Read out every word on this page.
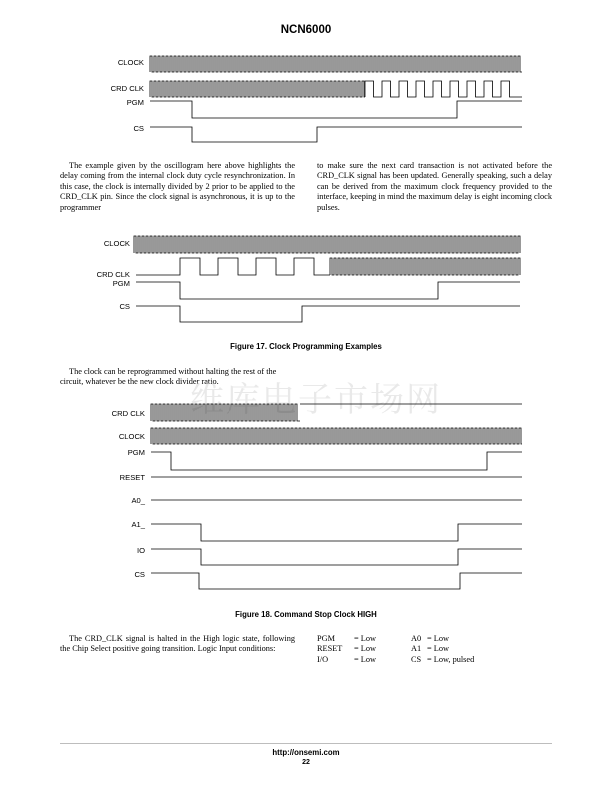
NCN6000
CLOCK
CRD CLK
PGM
CS
The example given by the oscillogram here above highlights the delay coming from the internal clock duty cycle resynchronization. In this case, the clock is internally divided by 2 prior to be applied to the CRD_CLK pin. Since the clock signal is asynchronous, it is up to the programmer
to make sure the next card transaction is not activated before the CRD_CLK signal has been updated. Generally speaking, such a delay can be derived from the maximum clock frequency provided to the interface, keeping in mind the maximum delay is eight incoming clock pulses.
CLOCK
CRD CLK
PGM
CS
Figure 17. Clock Programming Examples
The clock can be reprogrammed without halting the rest of the circuit, whatever be the new clock divider ratio.
维库电子市场网
CRD CLK
CLOCK
PGM
RESET
A0_
A1_
IO
CS
Figure 18. Command Stop Clock HIGH
The CRD_CLK signal is halted in the High logic state, following the Chip Select positive going transition. Logic Input conditions:
PGM	= Low	A0	= Low
RESET	= Low	A1	= Low
I/O	= Low	CS	= Low, pulsed
http://onsemi.com
22
